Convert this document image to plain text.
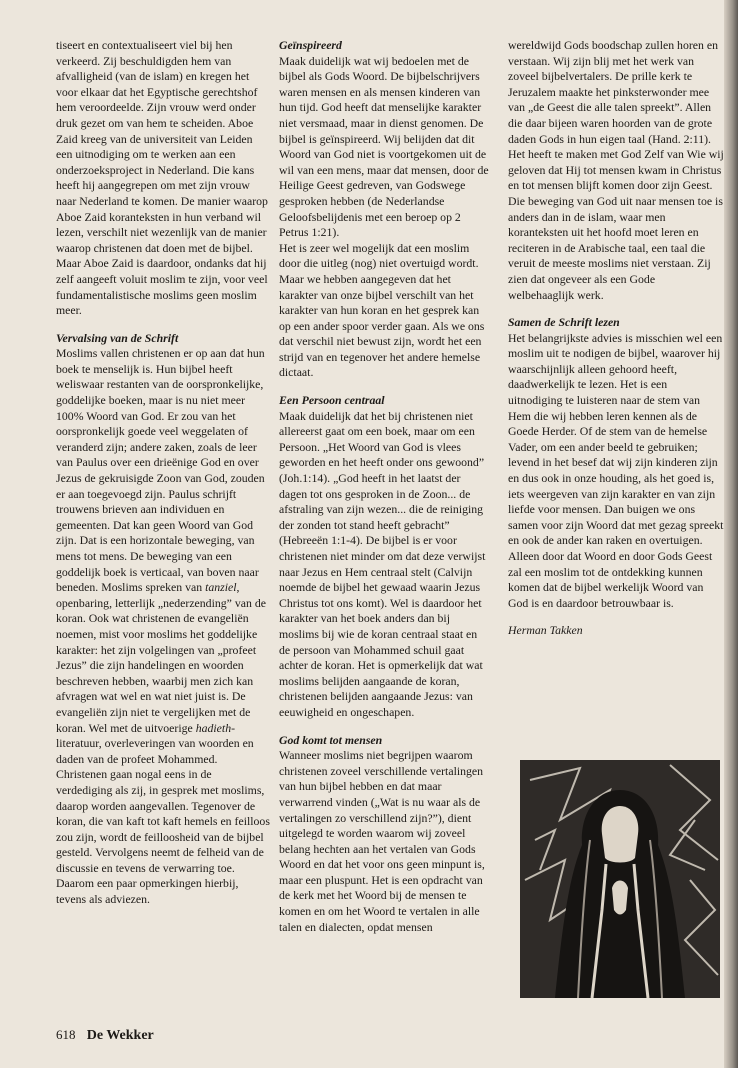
tiseert en contextualiseert viel bij hen verkeerd. Zij beschuldigden hem van afvalligheid (van de islam) en kregen het voor elkaar dat het Egyptische gerechtshof hem veroordeelde. Zijn vrouw werd onder druk gezet om van hem te scheiden. Aboe Zaid kreeg van de universiteit van Leiden een uitnodiging om te werken aan een onderzoeksproject in Nederland. Die kans heeft hij aangegrepen om met zijn vrouw naar Nederland te komen. De manier waarop Aboe Zaid koranteksten in hun verband wil lezen, verschilt niet wezenlijk van de manier waarop christenen dat doen met de bijbel. Maar Aboe Zaid is daardoor, ondanks dat hij zelf aangeeft voluit moslim te zijn, voor veel fundamentalistische moslims geen moslim meer.

Vervalsing van de Schrift

Moslims vallen christenen er op aan dat hun boek te menselijk is. Hun bijbel heeft weliswaar restanten van de oorspronkelijke, goddelijke boeken, maar is nu niet meer 100% Woord van God. Er zou van het oorspronkelijk goede veel weggelaten of veranderd zijn; andere zaken, zoals de leer van Paulus over een drieënige God en over Jezus de gekruisigde Zoon van God, zouden er aan toegevoegd zijn. Paulus schrijft trouwens brieven aan individuen en gemeenten. Dat kan geen Woord van God zijn. Dat is een horizontale beweging, van mens tot mens. De beweging van een goddelijk boek is verticaal, van boven naar beneden. Moslims spreken van tanziel, openbaring, letterlijk „nederzending” van de koran. Ook wat christenen de evangeliën noemen, mist voor moslims het goddelijke karakter: het zijn volgelingen van „profeet Jezus” die zijn handelingen en woorden beschreven hebben, waarbij men zich kan afvragen wat wel en wat niet juist is. De evangeliën zijn niet te vergelijken met de koran. Wel met de uitvoerige hadieth-literatuur, overleveringen van woorden en daden van de profeet Mohammed.

Christenen gaan nogal eens in de verdediging als zij, in gesprek met moslims, daarop worden aangevallen. Tegenover de koran, die van kaft tot kaft hemels en feilloos zou zijn, wordt de feilloosheid van de bijbel gesteld. Vervolgens neemt de felheid van de discussie en tevens de verwarring toe. Daarom een paar opmerkingen hierbij, tevens als adviezen.

Geïnspireerd

Maak duidelijk wat wij bedoelen met de bijbel als Gods Woord. De bijbelschrijvers waren mensen en als mensen kinderen van hun tijd. God heeft dat menselijke karakter niet versmaad, maar in dienst genomen. De bijbel is geïnspireerd. Wij belijden dat dit Woord van God niet is voortgekomen uit de wil van een mens, maar dat mensen, door de Heilige Geest gedreven, van Godswege gesproken hebben (de Nederlandse Geloofsbelijdenis met een beroep op 2 Petrus 1:21).

Het is zeer wel mogelijk dat een moslim door die uitleg (nog) niet overtuigd wordt. Maar we hebben aangegeven dat het karakter van onze bijbel verschilt van het karakter van hun koran en het gesprek kan op een ander spoor verder gaan. Als we ons dat verschil niet bewust zijn, wordt het een strijd van en tegenover het andere hemelse dictaat.

Een Persoon centraal

Maak duidelijk dat het bij christenen niet allereerst gaat om een boek, maar om een Persoon. „Het Woord van God is vlees geworden en het heeft onder ons gewoond” (Joh.1:14). „God heeft in het laatst der dagen tot ons gesproken in de Zoon... de afstraling van zijn wezen... die de reiniging der zonden tot stand heeft gebracht” (Hebreeën 1:1-4). De bijbel is er voor christenen niet minder om dat deze verwijst naar Jezus en Hem centraal stelt (Calvijn noemde de bijbel het gewaad waarin Jezus Christus tot ons komt). Wel is daardoor het karakter van het boek anders dan bij moslims bij wie de koran centraal staat en de persoon van Mohammed schuil gaat achter de koran. Het is opmerkelijk dat wat moslims belijden aangaande de koran, christenen belijden aangaande Jezus: van eeuwigheid en ongeschapen.

God komt tot mensen

Wanneer moslims niet begrijpen waarom christenen zoveel verschillende vertalingen van hun bijbel hebben en dat maar verwarrend vinden („Wat is nu waar als de vertalingen zo verschillend zijn?”), dient uitgelegd te worden waarom wij zoveel belang hechten aan het vertalen van Gods Woord en dat het voor ons geen minpunt is, maar een pluspunt. Het is een opdracht van de kerk met het Woord bij de mensen te komen en om het Woord te vertalen in alle talen en dialecten, opdat mensen

wereldwijd Gods boodschap zullen horen en verstaan. Wij zijn blij met het werk van zoveel bijbelvertalers. De prille kerk te Jeruzalem maakte het pinksterwonder mee van „de Geest die alle talen spreekt”. Allen die daar bijeen waren hoorden van de grote daden Gods in hun eigen taal (Hand. 2:11). Het heeft te maken met God Zelf van Wie wij geloven dat Hij tot mensen kwam in Christus en tot mensen blijft komen door zijn Geest. Die beweging van God uit naar mensen toe is anders dan in de islam, waar men koranteksten uit het hoofd moet leren en reciteren in de Arabische taal, een taal die veruit de meeste moslims niet verstaan. Zij zien dat ongeveer als een Gode welbehaaglijk werk.

Samen de Schrift lezen

Het belangrijkste advies is misschien wel een moslim uit te nodigen de bijbel, waarover hij waarschijnlijk alleen gehoord heeft, daadwerkelijk te lezen. Het is een uitnodiging te luisteren naar de stem van Hem die wij hebben leren kennen als de Goede Herder. Of de stem van de hemelse Vader, om een ander beeld te gebruiken; levend in het besef dat wij zijn kinderen zijn en dus ook in onze houding, als het goed is, iets weergeven van zijn karakter en van zijn liefde voor mensen. Dan buigen we ons samen voor zijn Woord dat met gezag spreekt en ook de ander kan raken en overtuigen. Alleen door dat Woord en door Gods Geest zal een moslim tot de ontdekking kunnen komen dat de bijbel werkelijk Woord van God is en daardoor betrouwbaar is.

Herman Takken

618 De Wekker
